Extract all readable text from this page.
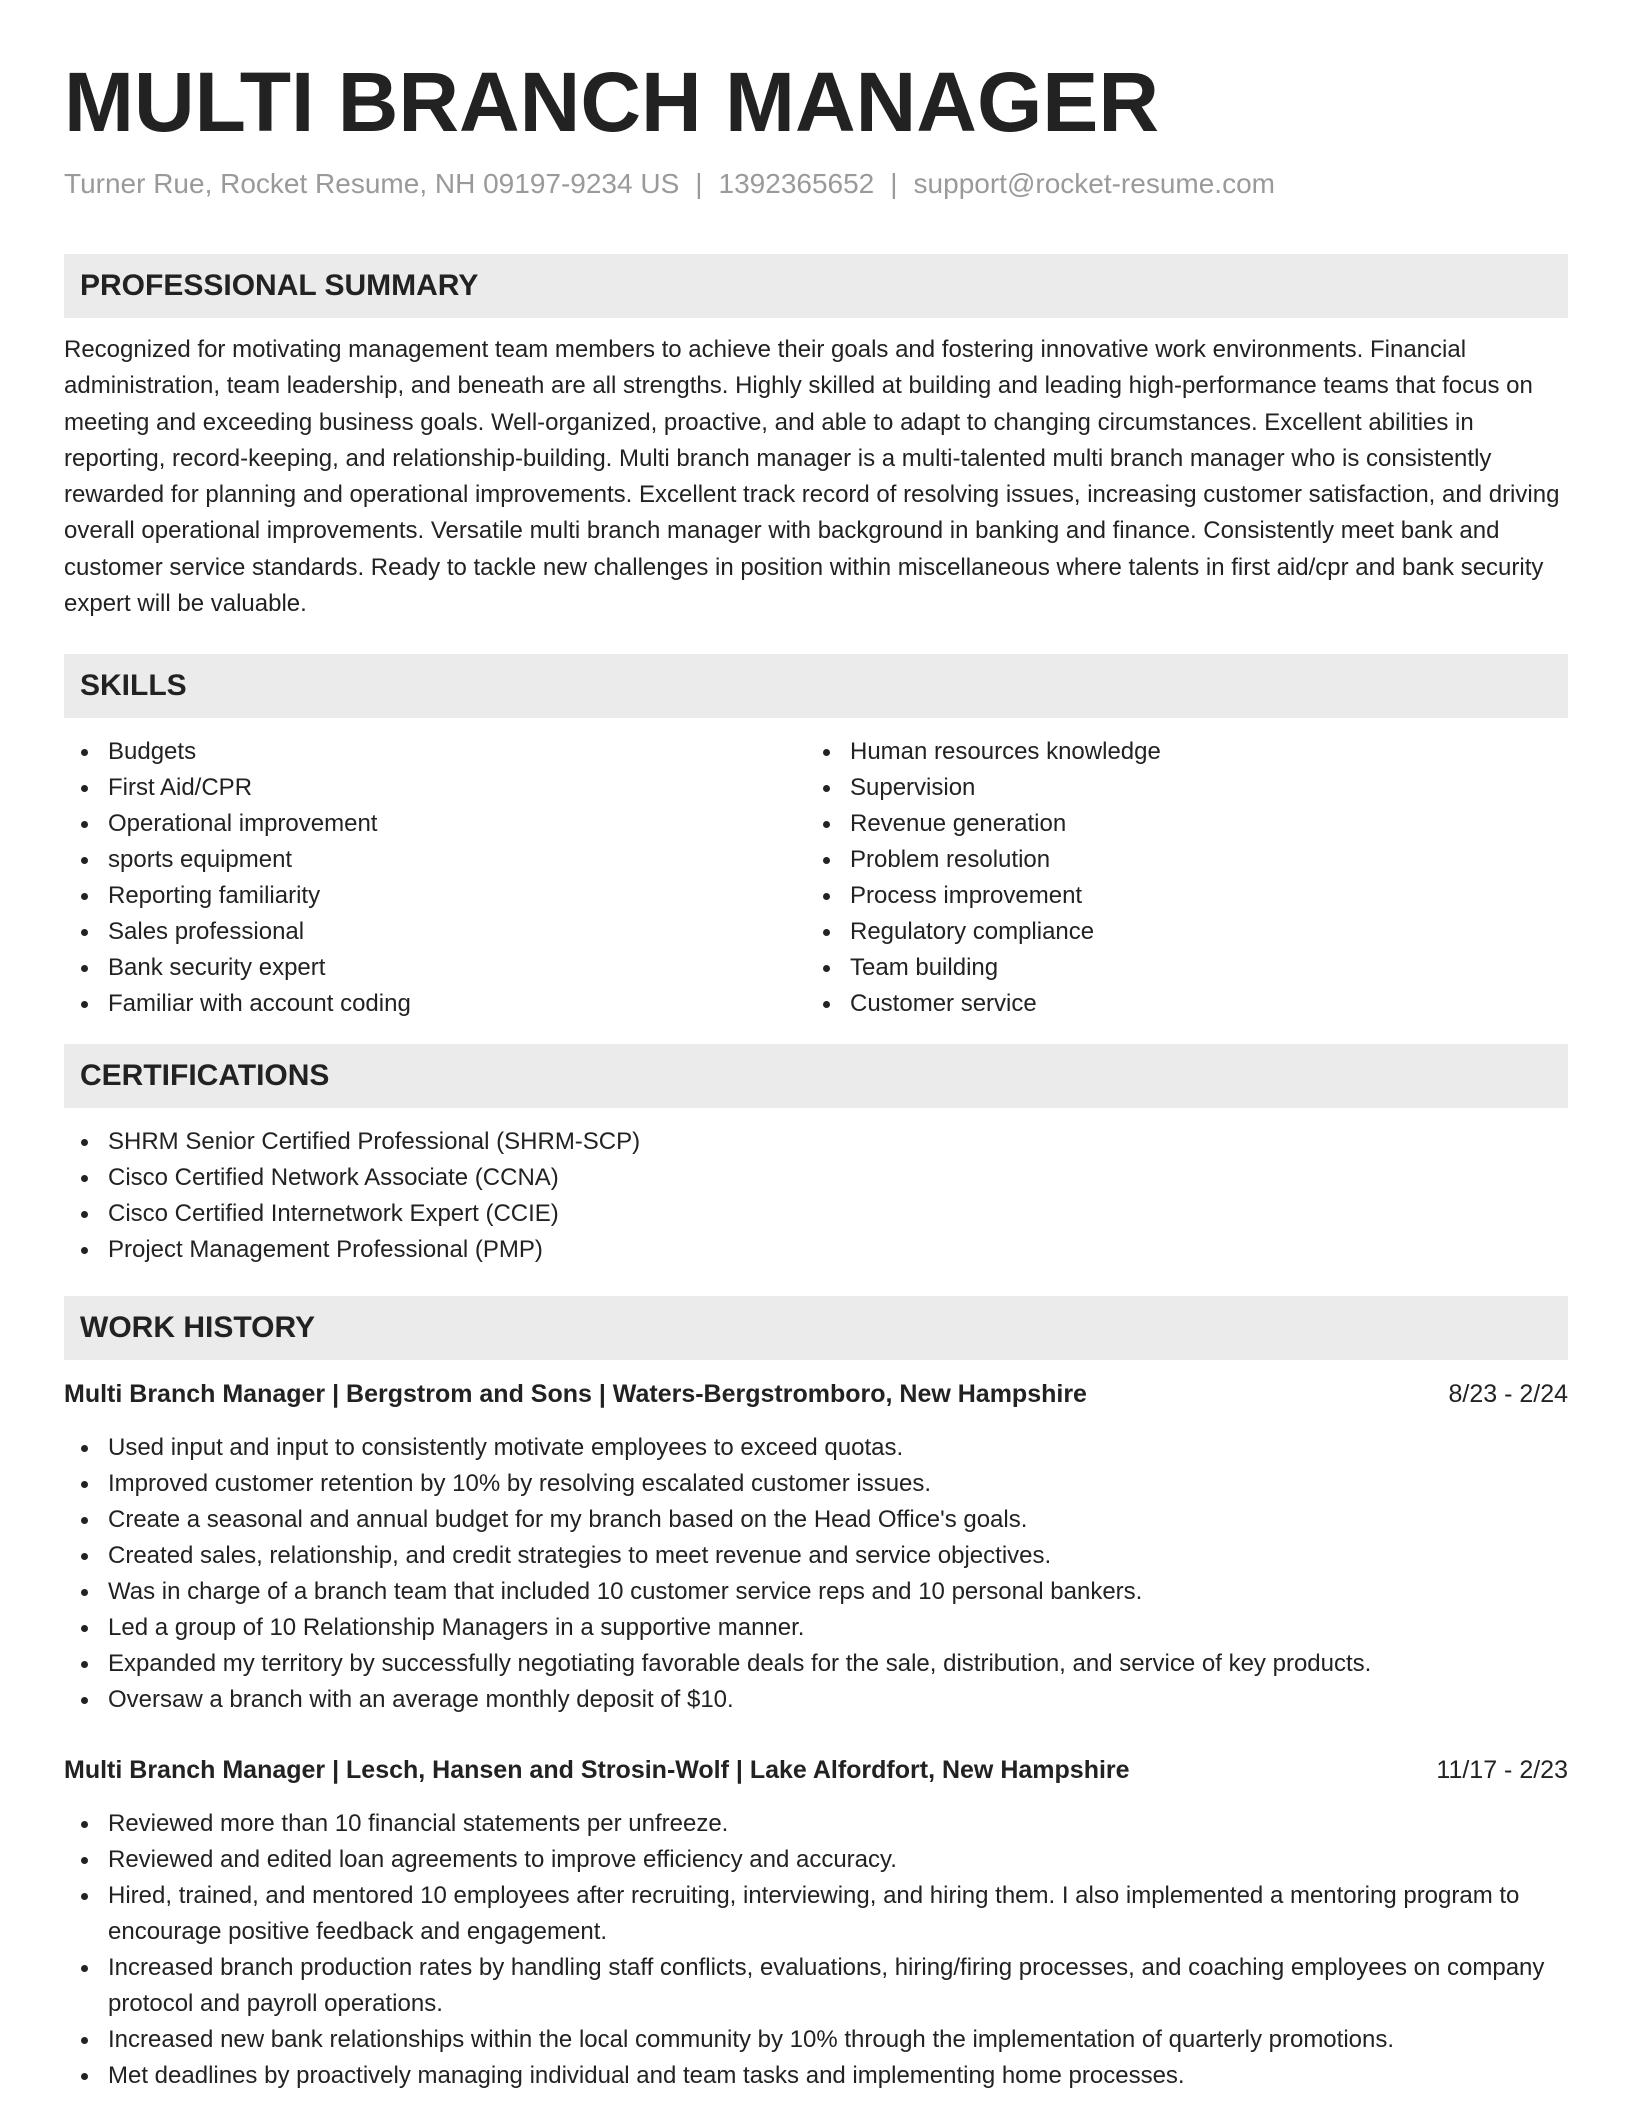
MULTI BRANCH MANAGER
Turner Rue, Rocket Resume, NH 09197-9234 US | 1392365652 | support@rocket-resume.com
PROFESSIONAL SUMMARY

Recognized for motivating management team members to achieve their goals and fostering innovative work environments. Financial administration, team leadership, and beneath are all strengths. Highly skilled at building and leading high-performance teams that focus on meeting and exceeding business goals. Well-organized, proactive, and able to adapt to changing circumstances. Excellent abilities in reporting, record-keeping, and relationship-building. Multi branch manager is a multi-talented multi branch manager who is consistently rewarded for planning and operational improvements. Excellent track record of resolving issues, increasing customer satisfaction, and driving overall operational improvements. Versatile multi branch manager with background in banking and finance. Consistently meet bank and customer service standards. Ready to tackle new challenges in position within miscellaneous where talents in first aid/cpr and bank security expert will be valuable.

SKILLS
Budgets
First Aid/CPR
Operational improvement
sports equipment
Reporting familiarity
Sales professional
Bank security expert
Familiar with account coding
Human resources knowledge
Supervision
Revenue generation
Problem resolution
Process improvement
Regulatory compliance
Team building
Customer service
CERTIFICATIONS
SHRM Senior Certified Professional (SHRM-SCP)
Cisco Certified Network Associate (CCNA)
Cisco Certified Internetwork Expert (CCIE)
Project Management Professional (PMP)
WORK HISTORY
Multi Branch Manager | Bergstrom and Sons | Waters-Bergstromboro, New Hampshire	8/23 - 2/24
Used input and input to consistently motivate employees to exceed quotas.
Improved customer retention by 10% by resolving escalated customer issues.
Create a seasonal and annual budget for my branch based on the Head Office's goals.
Created sales, relationship, and credit strategies to meet revenue and service objectives.
Was in charge of a branch team that included 10 customer service reps and 10 personal bankers.
Led a group of 10 Relationship Managers in a supportive manner.
Expanded my territory by successfully negotiating favorable deals for the sale, distribution, and service of key products.
Oversaw a branch with an average monthly deposit of $10.
Multi Branch Manager | Lesch, Hansen and Strosin-Wolf | Lake Alfordfort, New Hampshire	11/17 - 2/23
Reviewed more than 10 financial statements per unfreeze.
Reviewed and edited loan agreements to improve efficiency and accuracy.
Hired, trained, and mentored 10 employees after recruiting, interviewing, and hiring them. I also implemented a mentoring program to encourage positive feedback and engagement.
Increased branch production rates by handling staff conflicts, evaluations, hiring/firing processes, and coaching employees on company protocol and payroll operations.
Increased new bank relationships within the local community by 10% through the implementation of quarterly promotions.
Met deadlines by proactively managing individual and team tasks and implementing home processes.
